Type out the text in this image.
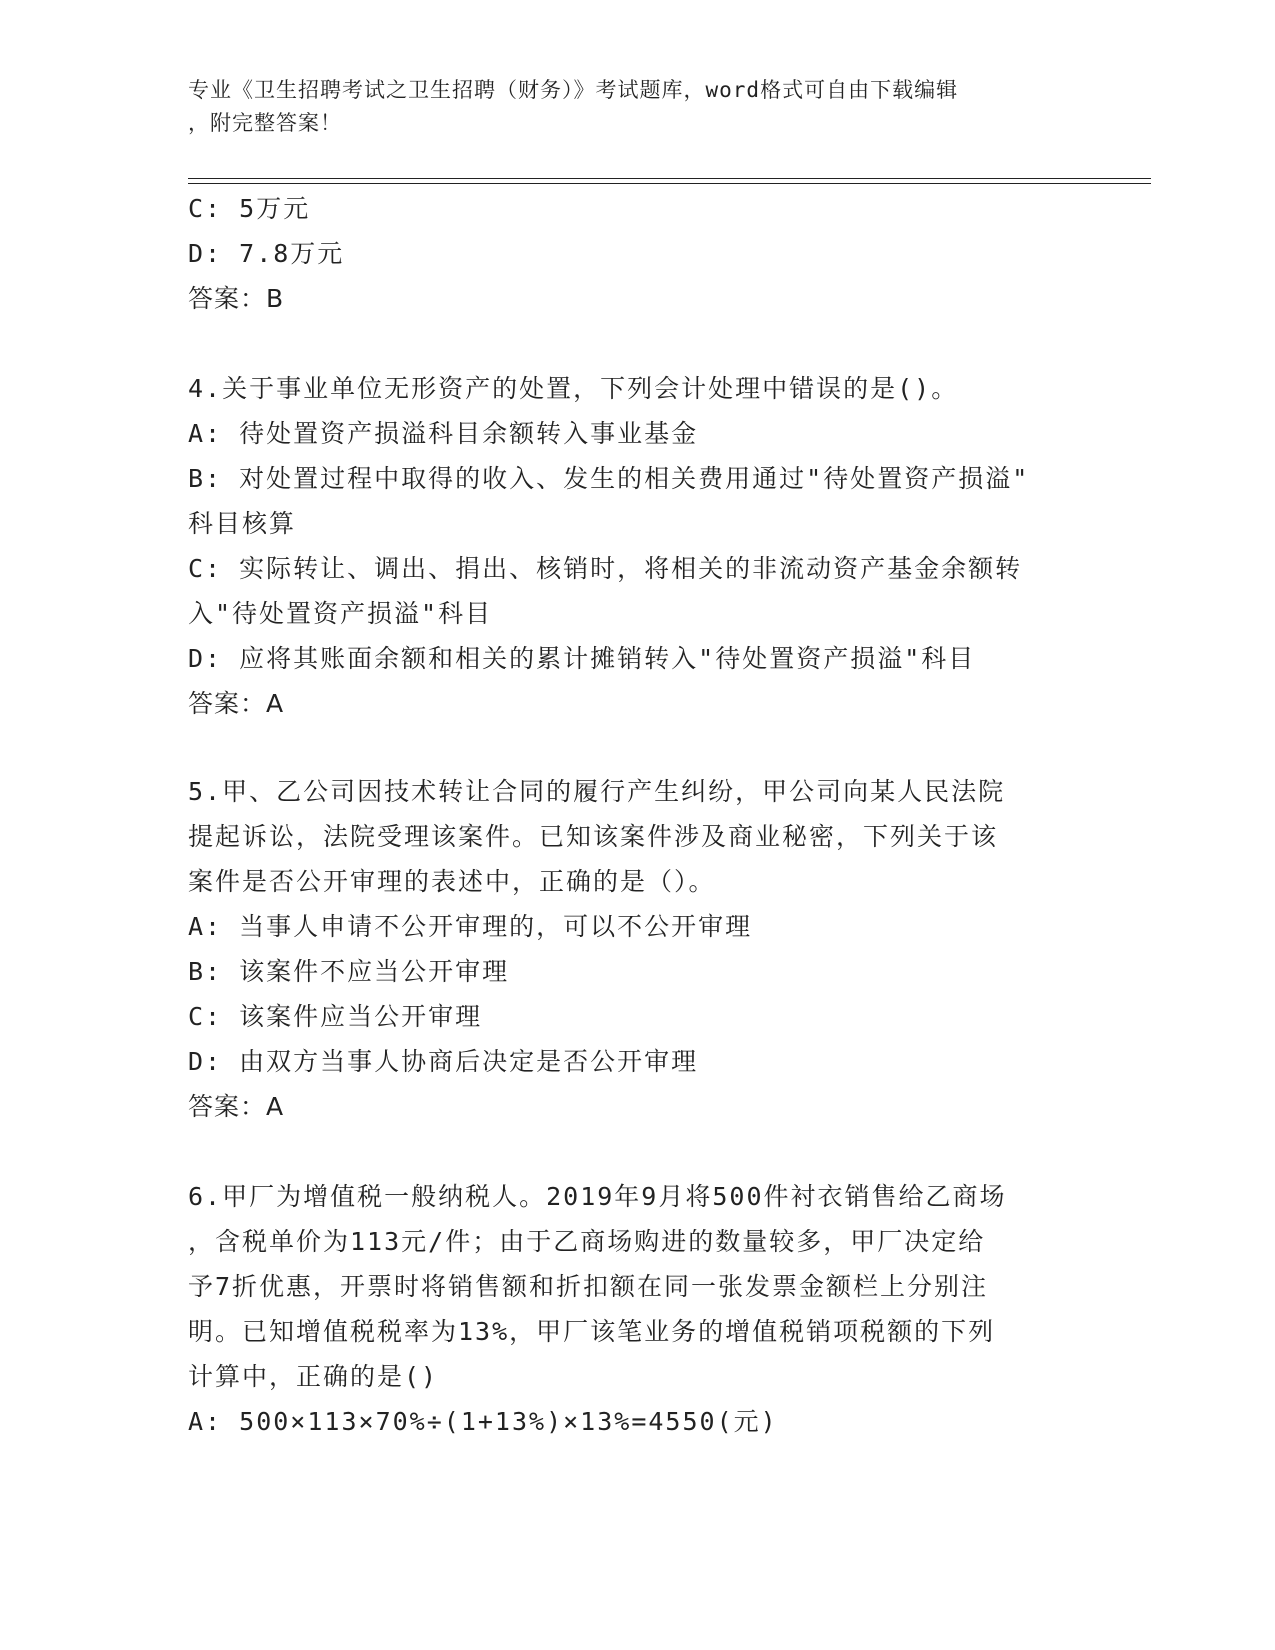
专业《卫生招聘考试之卫生招聘（财务）》考试题库，word格式可自由下载编辑
，附完整答案！
C: 5万元
D: 7.8万元
答案：B
4.关于事业单位无形资产的处置，下列会计处理中错误的是()。
A: 待处置资产损溢科目余额转入事业基金
B: 对处置过程中取得的收入、发生的相关费用通过"待处置资产损溢"
科目核算
C: 实际转让、调出、捐出、核销时，将相关的非流动资产基金余额转
入"待处置资产损溢"科目
D: 应将其账面余额和相关的累计摊销转入"待处置资产损溢"科目
答案：A
5.甲、乙公司因技术转让合同的履行产生纠纷，甲公司向某人民法院
提起诉讼，法院受理该案件。已知该案件涉及商业秘密，下列关于该
案件是否公开审理的表述中，正确的是（）。
A: 当事人申请不公开审理的，可以不公开审理
B: 该案件不应当公开审理
C: 该案件应当公开审理
D: 由双方当事人协商后决定是否公开审理
答案：A
6.甲厂为增值税一般纳税人。2019年9月将500件衬衣销售给乙商场
，含税单价为113元/件；由于乙商场购进的数量较多，甲厂决定给
予7折优惠，开票时将销售额和折扣额在同一张发票金额栏上分别注
明。已知增值税税率为13%，甲厂该笔业务的增值税销项税额的下列
计算中，正确的是()
A: 500×113×70%÷(1+13%)×13%=4550(元)
